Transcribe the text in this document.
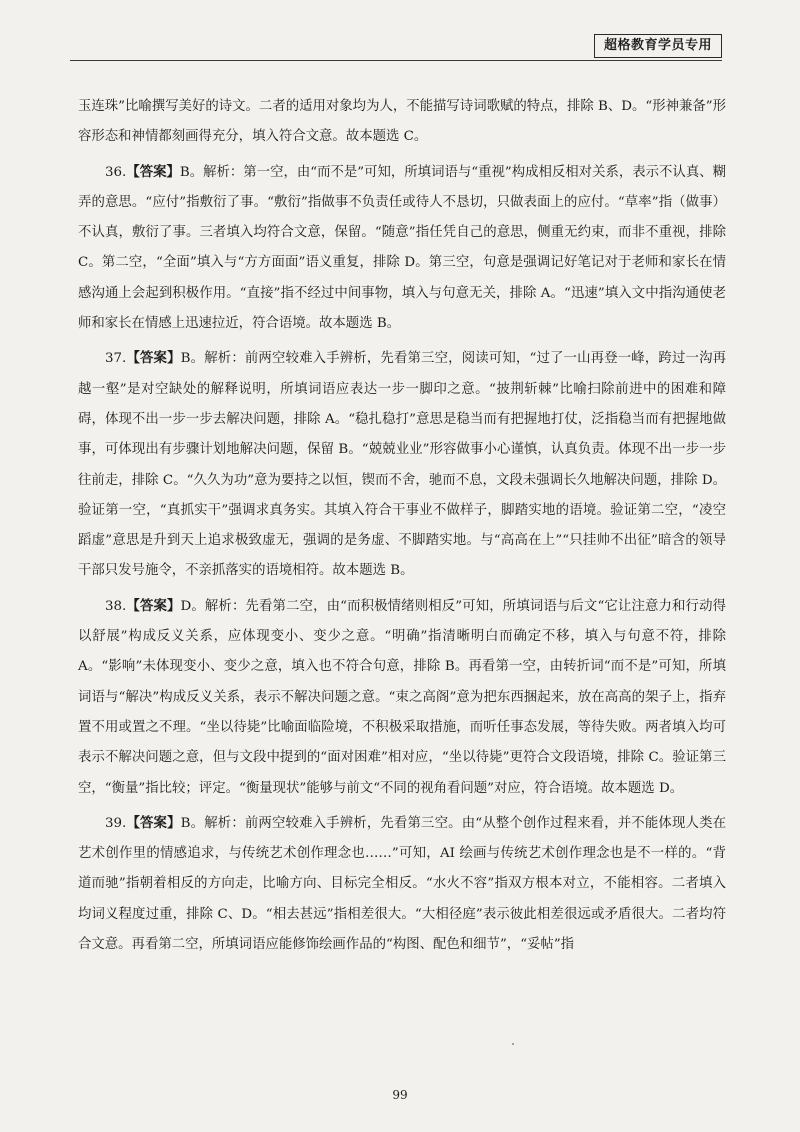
超格教育学员专用

玉连珠”比喻撰写美好的诗文。二者的适用对象均为人，不能描写诗词歌赋的特点，排除 B、D。“形神兼备”形容形态和神情都刻画得充分，填入符合文意。故本题选 C。

36.【答案】B。解析：第一空，由“而不是”可知，所填词语与“重视”构成相反相对关系，表示不认真、糊弄的意思。“应付”指敷衍了事。“敷衍”指做事不负责任或待人不恳切，只做表面上的应付。“草率”指（做事）不认真，敷衍了事。三者填入均符合文意，保留。“随意”指任凭自己的意思，侧重无约束，而非不重视，排除 C。第二空，“全面”填入与“方方面面”语义重复，排除 D。第三空，句意是强调记好笔记对于老师和家长在情感沟通上会起到积极作用。“直接”指不经过中间事物，填入与句意无关，排除 A。“迅速”填入文中指沟通使老师和家长在情感上迅速拉近，符合语境。故本题选 B。

37.【答案】B。解析：前两空较难入手辨析，先看第三空，阅读可知，“过了一山再登一峰，跨过一沟再越一壑”是对空缺处的解释说明，所填词语应表达一步一脚印之意。“披荆斩棘”比喻扫除前进中的困难和障碍，体现不出一步一步去解决问题，排除 A。“稳扎稳打”意思是稳当而有把握地打仗，泛指稳当而有把握地做事，可体现出有步骤计划地解决问题，保留 B。“兢兢业业”形容做事小心谨慎，认真负责。体现不出一步一步往前走，排除 C。“久久为功”意为要持之以恒，锲而不舍，驰而不息，文段未强调长久地解决问题，排除 D。验证第一空，“真抓实干”强调求真务实。其填入符合干事业不做样子，脚踏实地的语境。验证第二空，“凌空蹈虚”意思是升到天上追求极致虚无，强调的是务虚、不脚踏实地。与“高高在上”“只挂帅不出征”暗含的领导干部只发号施令，不亲抓落实的语境相符。故本题选 B。

38.【答案】D。解析：先看第二空，由“而积极情绪则相反”可知，所填词语与后文“它让注意力和行动得以舒展”构成反义关系，应体现变小、变少之意。“明确”指清晰明白而确定不移，填入与句意不符，排除 A。“影响”未体现变小、变少之意，填入也不符合句意，排除 B。再看第一空，由转折词“而不是”可知，所填词语与“解决”构成反义关系，表示不解决问题之意。“束之高阁”意为把东西捆起来，放在高高的架子上，指弃置不用或置之不理。“坐以待毙”比喻面临险境，不积极采取措施，而听任事态发展，等待失败。两者填入均可表示不解决问题之意，但与文段中提到的“面对困难”相对应，“坐以待毙”更符合文段语境，排除 C。验证第三空，“衡量”指比较；评定。“衡量现状”能够与前文“不同的视角看问题”对应，符合语境。故本题选 D。

39.【答案】B。解析：前两空较难入手辨析，先看第三空。由“从整个创作过程来看，并不能体现人类在艺术创作里的情感追求，与传统艺术创作理念也……”可知，AI 绘画与传统艺术创作理念也是不一样的。“背道而驰”指朝着相反的方向走，比喻方向、目标完全相反。“水火不容”指双方根本对立，不能相容。二者填入均词义程度过重，排除 C、D。“相去甚远”指相差很大。“大相径庭”表示彼此相差很远或矛盾很大。二者均符合文意。再看第二空，所填词语应能修饰绘画作品的“构图、配色和细节”，“妥帖”指

99
